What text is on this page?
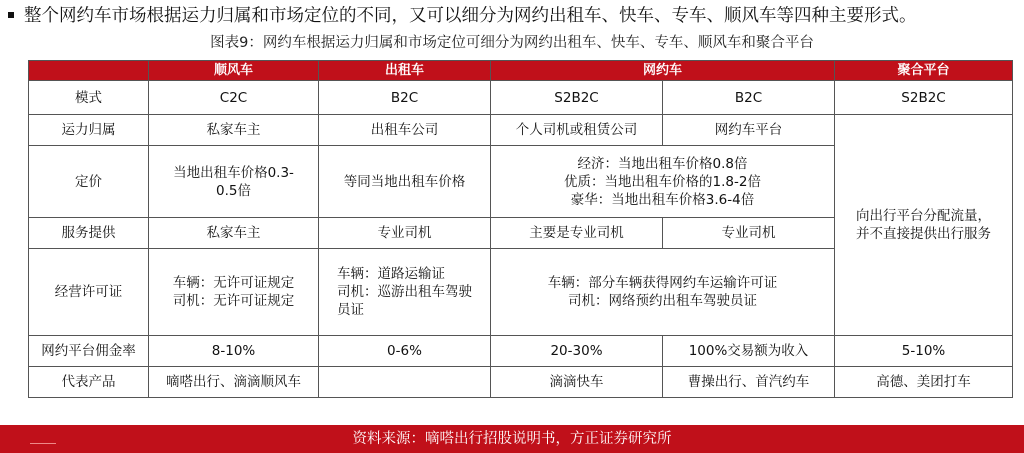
整个网约车市场根据运力归属和市场定位的不同，又可以细分为网约出租车、快车、专车、顺风车等四种主要形式。
图表9：网约车根据运力归属和市场定位可细分为网约出租车、快车、专车、顺风车和聚合平台
	顺风车	出租车	网约车		聚合平台
模式	C2C	B2C	S2B2C	B2C	S2B2C
运力归属	私家车主	出租车公司	个人司机或租赁公司	网约车平台	向出行平台分配流量，
并不直接提供出行服务
定价	当地出租车价格0.3-
0.5倍	等同当地出租车价格	经济：当地出租车价格0.8倍
优质：当地出租车价格的1.8-2倍
豪华：当地出租车价格3.6-4倍		
服务提供	私家车主	专业司机	主要是专业司机	专业司机	
经营许可证	车辆：无许可证规定
司机：无许可证规定	车辆：道路运输证
司机：巡游出租车驾驶
员证	车辆：部分车辆获得网约车运输许可证
司机：网络预约出租车驾驶员证		
网约平台佣金率	8-10%	0-6%	20-30%	100%交易额为收入	5-10%
代表产品	嘀嗒出行、滴滴顺风车		滴滴快车	曹操出行、首汽约车	高德、美团打车
资料来源：嘀嗒出行招股说明书，方正证券研究所
